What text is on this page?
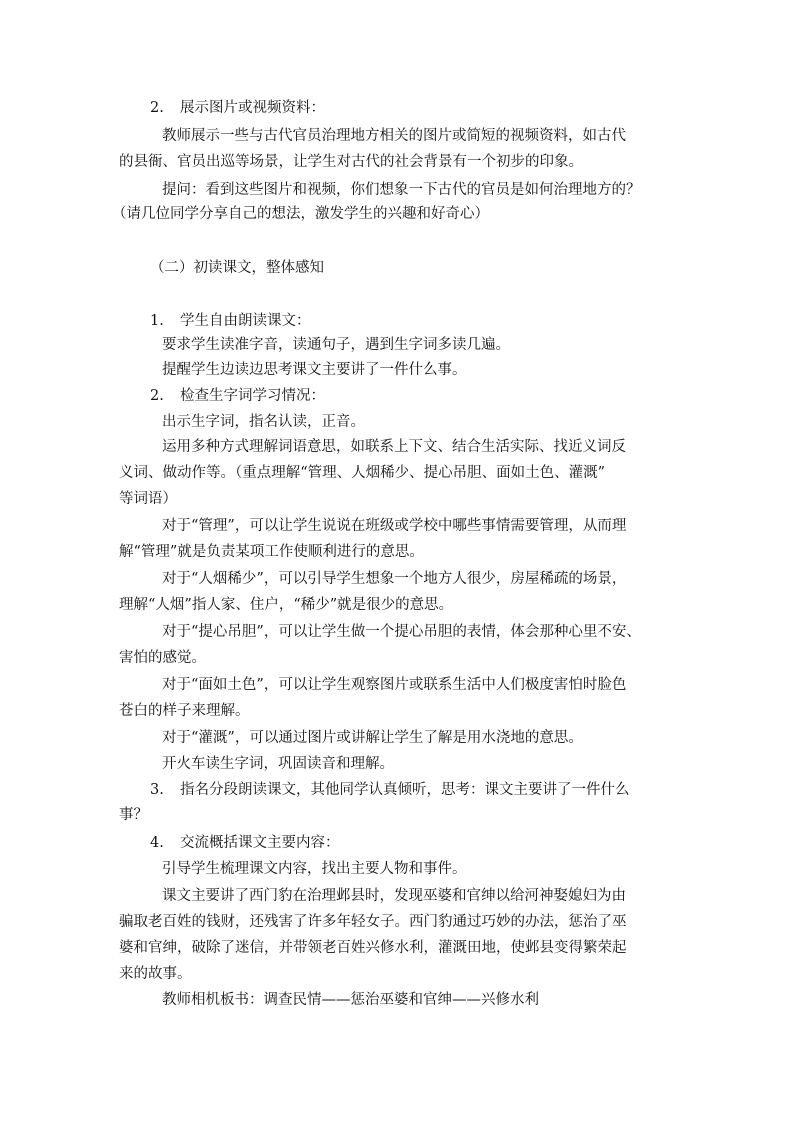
2. 展示图片或视频资料：
教师展示一些与古代官员治理地方相关的图片或简短的视频资料，如古代
的县衙、官员出巡等场景，让学生对古代的社会背景有一个初步的印象。
提问：看到这些图片和视频，你们想象一下古代的官员是如何治理地方的？
（请几位同学分享自己的想法，激发学生的兴趣和好奇心）
（二）初读课文，整体感知
1. 学生自由朗读课文：
要求学生读准字音，读通句子，遇到生字词多读几遍。
提醒学生边读边思考课文主要讲了一件什么事。
2. 检查生字词学习情况：
出示生字词，指名认读，正音。
运用多种方式理解词语意思，如联系上下文、结合生活实际、找近义词反
义词、做动作等。（重点理解“管理、人烟稀少、提心吊胆、面如土色、灌溉”
等词语）
对于“管理”，可以让学生说说在班级或学校中哪些事情需要管理，从而理
解“管理”就是负责某项工作使顺利进行的意思。
对于“人烟稀少”，可以引导学生想象一个地方人很少，房屋稀疏的场景，
理解“人烟”指人家、住户，“稀少”就是很少的意思。
对于“提心吊胆”，可以让学生做一个提心吊胆的表情，体会那种心里不安、
害怕的感觉。
对于“面如土色”，可以让学生观察图片或联系生活中人们极度害怕时脸色
苍白的样子来理解。
对于“灌溉”，可以通过图片或讲解让学生了解是用水浇地的意思。
开火车读生字词，巩固读音和理解。
3. 指名分段朗读课文，其他同学认真倾听，思考：课文主要讲了一件什么
事？
4. 交流概括课文主要内容：
引导学生梳理课文内容，找出主要人物和事件。
课文主要讲了西门豹在治理邺县时，发现巫婆和官绅以给河神娶媳妇为由
骗取老百姓的钱财，还残害了许多年轻女子。西门豹通过巧妙的办法，惩治了巫
婆和官绅，破除了迷信，并带领老百姓兴修水利，灌溉田地，使邺县变得繁荣起
来的故事。
教师相机板书：调查民情——惩治巫婆和官绅——兴修水利
